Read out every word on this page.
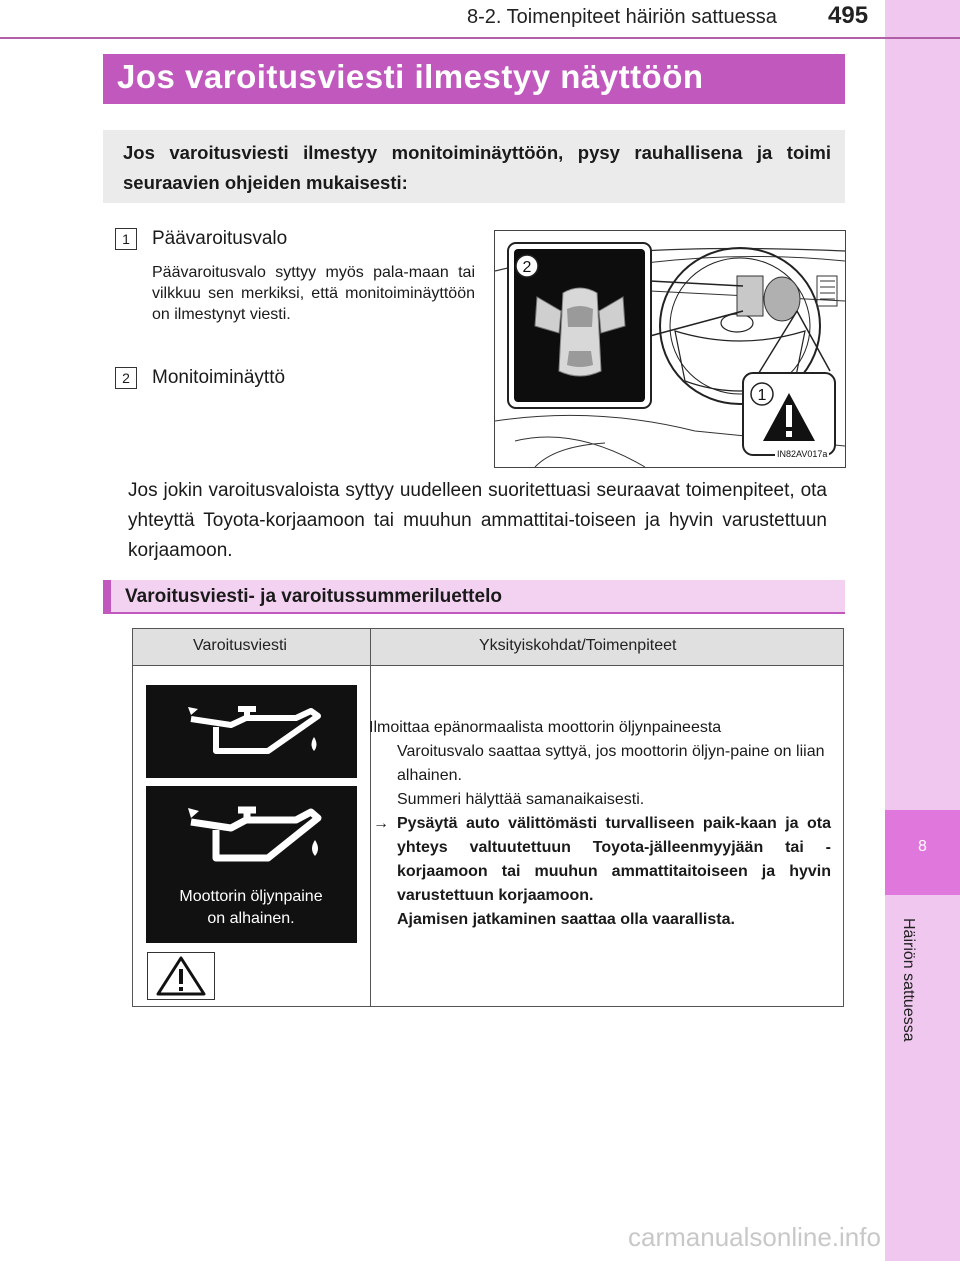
8-2. Toimenpiteet häiriön sattuessa 495
8
Häiriön sattuessa
Jos varoitusviesti ilmestyy näyttöön

Jos varoitusviesti ilmestyy monitoiminäyttöön, pysy rauhallisena ja toimi seuraavien ohjeiden mukaisesti:

1	Päävaroitusvalo
Päävaroitusvalo syttyy myös pala-maan tai vilkkuu sen merkiksi, että monitoiminäyttöön on ilmestynyt viesti.
2	Monitoiminäyttö
2
1
IN82AV017a

Jos jokin varoitusvaloista syttyy uudelleen suoritettuasi seuraavat toimenpiteet, ota yhteyttä Toyota-korjaamoon tai muuhun ammattitai-toiseen ja hyvin varustettuun korjaamoon.

Varoitusviesti- ja varoitussummeriluettelo
Varoitusviesti	Yksityiskohdat/Toimenpiteet
Moottorin öljynpaine
on alhainen.

Ilmoittaa epänormaalista moottorin öljynpaineesta

Varoitusvalo saattaa syttyä, jos moottorin öljyn-paine on liian alhainen.

Summeri hälyttää samanaikaisesti.

→ Pysäytä auto välittömästi turvalliseen paik-kaan ja ota yhteys valtuutettuun Toyota-jälleenmyyjään tai -korjaamoon tai muuhun ammattitaitoiseen ja hyvin varustettuun korjaamoon.

Ajamisen jatkaminen saattaa olla vaarallista.

carmanualsonline.info
